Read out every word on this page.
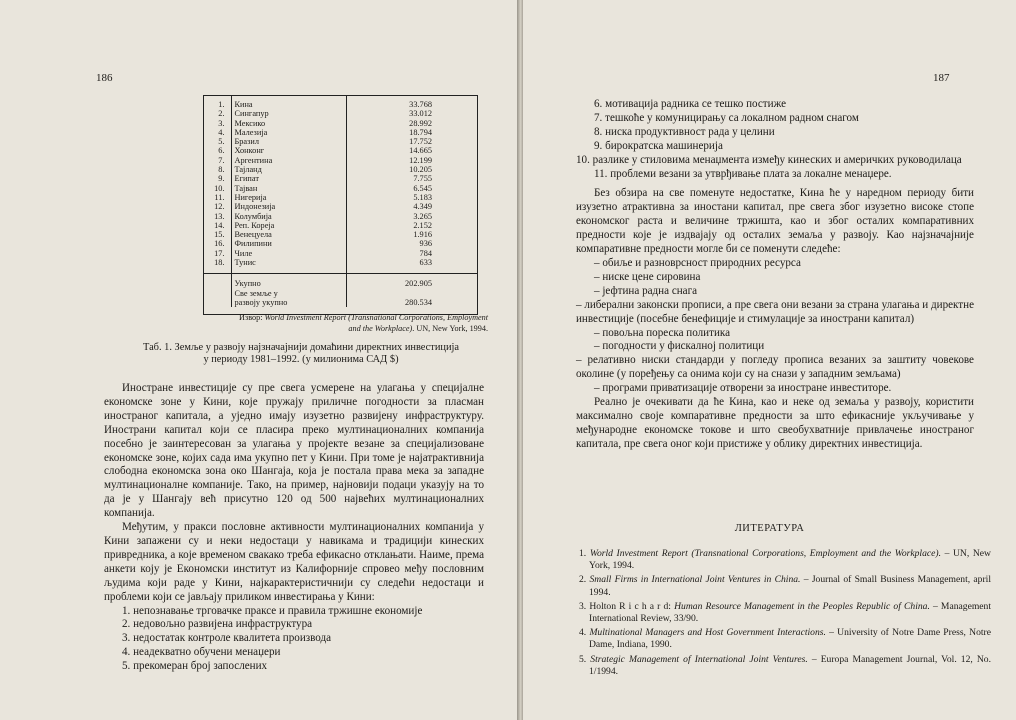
186
1.	Кина	33.768
2.	Сингапур	33.012
3.	Мексико	28.992
4.	Малезија	18.794
5.	Бразил	17.752
6.	Хонконг	14.665
7.	Аргентина	12.199
8.	Тајланд	10.205
9.	Египат	7.755
10.	Тајван	6.545
11.	Нигерија	5.183
12.	Индонезија	4.349
13.	Колумбија	3.265
14.	Реп. Кореја	2.152
15.	Венецуела	1.916
16.	Филипини	936
17.	Чиле	784
18.	Тунис	633
	Укупно	202.905
	Све земље у	
	развоју укупно	280.534
Извор: World Investment Report (Transnational Corporations, Employment and the Workplace). UN, New York, 1994.
Таб. 1. Земље у развоју најзначајнији домаћини директних инвестиција
у периоду 1981–1992. (у милионима САД $)

Иностране инвестиције су пре свега усмерене на улагања у специјалне економске зоне у Кини, које пружају приличне погодности за пласман иностраног капитала, а уједно имају изузетно развијену инфраструктуру. Инострани капитал који се пласира преко мултинационалних компанија посебно је заинтересован за улагања у пројекте везане за специјализоване економске зоне, којих сада има укупно пет у Кини. При томе је најатрактивнија слободна економска зона око Шангаја, која је постала права мека за западне мултинационалне компаније. Тако, на пример, најновији подаци указују на то да је у Шангају већ присутно 120 од 500 највећих мултинационалних компанија.

Међутим, у пракси пословне активности мултинационалних компанија у Кини запажени су и неки недостаци у навикама и традицији кинеских привредника, а које временом свакако треба ефикасно отклањати. Наиме, према анкети коју је Економски институт из Калифорније спровео међу пословним људима који раде у Кини, најкарактеристичнији су следећи недостаци и проблеми који се јављају приликом инвестирања у Кини:

1. непознавање трговачке праксе и правила тржишне економије
2. недовољно развијена инфраструктура
3. недостатак контроле квалитета производа
4. неадекватно обучени менаџери
5. прекомеран број запослених
187
6. мотивација радника се тешко постиже
7. тешкоће у комуницирању са локалном радном снагом
8. ниска продуктивност рада у целини
9. бирократска машинерија
10. разлике у стиловима менаџмента између кинеских и америчких руководилаца
11. проблеми везани за утврђивање плата за локалне менаџере.

Без обзира на све поменуте недостатке, Кина ће у наредном периоду бити изузетно атрактивна за иностани капитал, пре свега због изузетно високе стопе економског раста и величине тржишта, као и због осталих компаративних предности које је издвајају од осталих земаља у развоју. Као најзначајније компаративне предности могле би се поменути следеће:

– обиље и разноврсност природних ресурса
– ниске цене сировина
– јефтина радна снага
– либерални законски прописи, а пре свега они везани за страна улагања и директне инвестиције (посебне бенефиције и стимулације за инострани капитал)
– повољна пореска политика
– погодности у фискалној политици
– релативно ниски стандарди у погледу прописа везаних за заштиту човекове околине (у поређењу са онима који су на снази у западним земљама)
– програми приватизације отворени за иностране инвеститоре.

Реално је очекивати да ће Кина, као и неке од земаља у развоју, користити максимално своје компаративне предности за што ефикасније укључивање у међународне економске токове и што свеобухватније привлачење иностраног капитала, пре свега оног који пристиже у облику директних инвестиција.

ЛИТЕРАТУРА
1. World Investment Report (Transnational Corporations, Employment and the Workplace). – UN, New York, 1994.
2. Small Firms in International Joint Ventures in China. – Journal of Small Business Management, april 1994.
3. Holton R i c h a r d: Human Resource Management in the Peoples Republic of China. – Management International Review, 33/90.
4. Multinational Managers and Host Government Interactions. – University of Notre Dame Press, Notre Dame, Indiana, 1990.
5. Strategic Management of International Joint Ventures. – Europa Management Journal, Vol. 12, No. 1/1994.
